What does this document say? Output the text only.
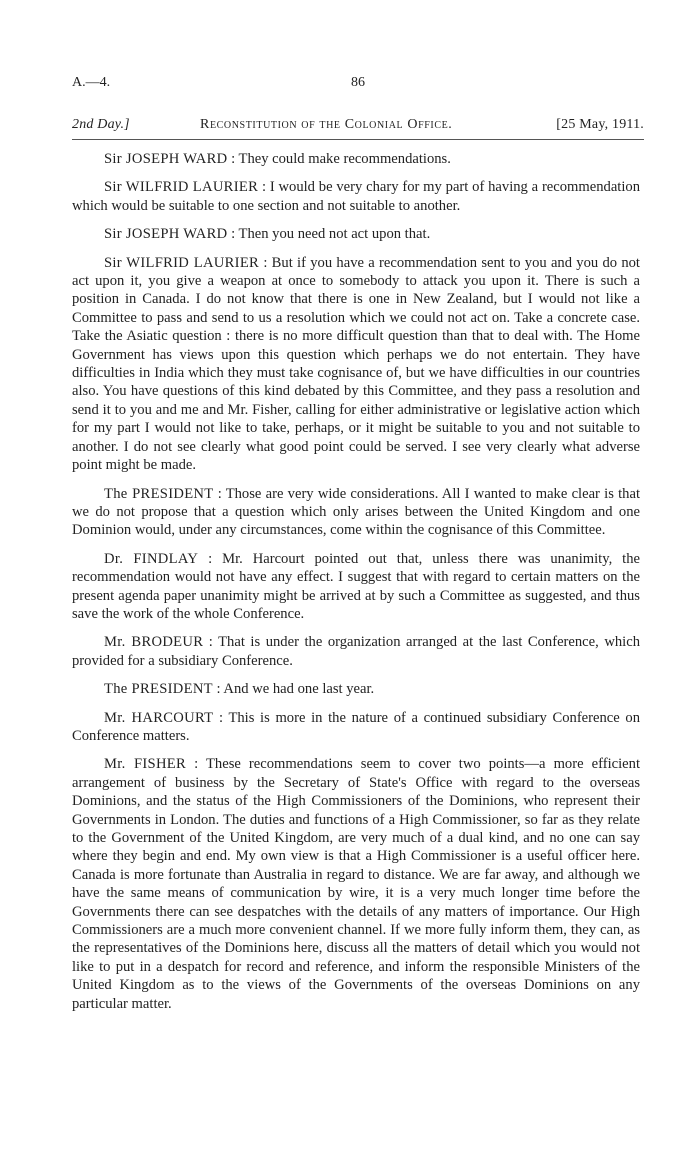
A.—4.	86
2nd Day.]	Reconstitution of the Colonial Office.	[25 May, 1911.

Sir JOSEPH WARD : They could make recommendations.

Sir WILFRID LAURIER : I would be very chary for my part of having a recommendation which would be suitable to one section and not suitable to another.

Sir JOSEPH WARD : Then you need not act upon that.

Sir WILFRID LAURIER : But if you have a recommendation sent to you and you do not act upon it, you give a weapon at once to somebody to attack you upon it. There is such a position in Canada. I do not know that there is one in New Zealand, but I would not like a Committee to pass and send to us a resolution which we could not act on. Take a concrete case. Take the Asiatic question : there is no more difficult question than that to deal with. The Home Government has views upon this question which perhaps we do not entertain. They have difficulties in India which they must take cognisance of, but we have difficulties in our countries also. You have questions of this kind debated by this Committee, and they pass a resolution and send it to you and me and Mr. Fisher, calling for either administrative or legislative action which for my part I would not like to take, perhaps, or it might be suitable to you and not suitable to another. I do not see clearly what good point could be served. I see very clearly what adverse point might be made.

The PRESIDENT : Those are very wide considerations. All I wanted to make clear is that we do not propose that a question which only arises between the United Kingdom and one Dominion would, under any circumstances, come within the cognisance of this Committee.

Dr. FINDLAY : Mr. Harcourt pointed out that, unless there was unanimity, the recommendation would not have any effect. I suggest that with regard to certain matters on the present agenda paper unanimity might be arrived at by such a Committee as suggested, and thus save the work of the whole Conference.

Mr. BRODEUR : That is under the organization arranged at the last Conference, which provided for a subsidiary Conference.

The PRESIDENT : And we had one last year.

Mr. HARCOURT : This is more in the nature of a continued subsidiary Conference on Conference matters.

Mr. FISHER : These recommendations seem to cover two points—a more efficient arrangement of business by the Secretary of State's Office with regard to the overseas Dominions, and the status of the High Commissioners of the Dominions, who represent their Governments in London. The duties and functions of a High Commissioner, so far as they relate to the Government of the United Kingdom, are very much of a dual kind, and no one can say where they begin and end. My own view is that a High Commissioner is a useful officer here. Canada is more fortunate than Australia in regard to distance. We are far away, and although we have the same means of communication by wire, it is a very much longer time before the Governments there can see despatches with the details of any matters of importance. Our High Commissioners are a much more convenient channel. If we more fully inform them, they can, as the representatives of the Dominions here, discuss all the matters of detail which you would not like to put in a despatch for record and reference, and inform the responsible Ministers of the United Kingdom as to the views of the Governments of the overseas Dominions on any particular matter.
